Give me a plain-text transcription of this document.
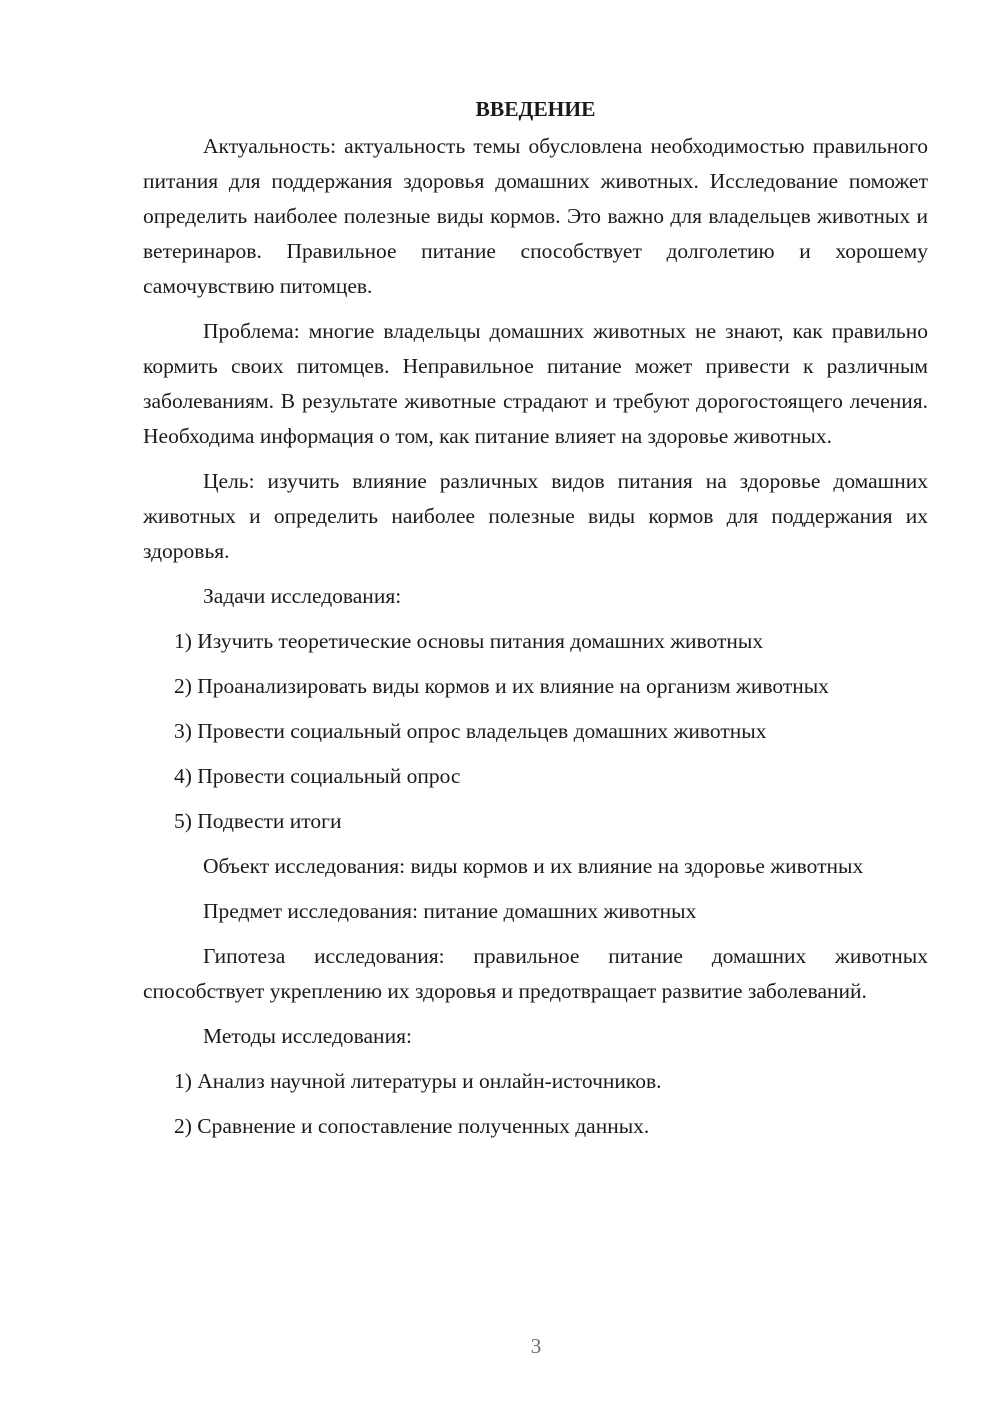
ВВЕДЕНИЕ

Актуальность: актуальность темы обусловлена необходимостью правильного питания для поддержания здоровья домашних животных. Исследование поможет определить наиболее полезные виды кормов. Это важно для владельцев животных и ветеринаров. Правильное питание способствует долголетию и хорошему самочувствию питомцев.

Проблема: многие владельцы домашних животных не знают, как правильно кормить своих питомцев. Неправильное питание может привести к различным заболеваниям. В результате животные страдают и требуют дорогостоящего лечения. Необходима информация о том, как питание влияет на здоровье животных.

Цель: изучить влияние различных видов питания на здоровье домашних животных и определить наиболее полезные виды кормов для поддержания их здоровья.

Задачи исследования:

1) Изучить теоретические основы питания домашних животных

2) Проанализировать виды кормов и их влияние на организм животных

3) Провести социальный опрос владельцев домашних животных

4) Провести социальный опрос

5) Подвести итоги

Объект исследования: виды кормов и их влияние на здоровье животных

Предмет исследования: питание домашних животных

Гипотеза исследования: правильное питание домашних животных способствует укреплению их здоровья и предотвращает развитие заболеваний.

Методы исследования:

1) Анализ научной литературы и онлайн-источников.

2) Сравнение и сопоставление полученных данных.

3
